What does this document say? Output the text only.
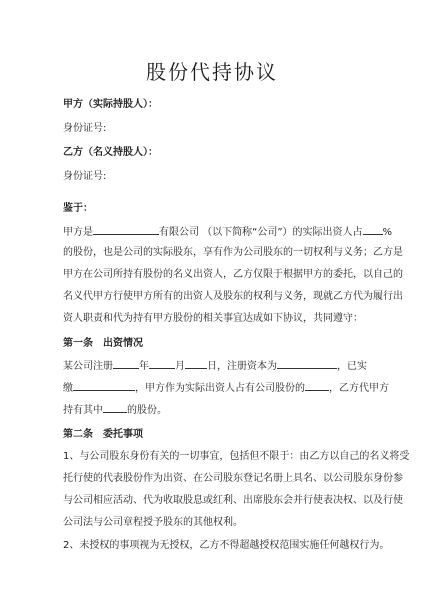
股份代持协议
甲方（实际持股人）：
身份证号:
乙方（名义持股人）：
身份证号:
鉴于：
甲方是	有限公司 （以下简称“公司”）的实际出资人占 %
的股份，也是公司的实际股东，享有作为公司股东的一切权利与义务；乙方是
甲方在公司所持有股份的名义出资人，乙方仅限于根据甲方的委托，以自己的
名义代甲方行使甲方所有的出资人及股东的权利与义务，现就乙方代为履行出
资人职责和代为持有甲方股份的相关事宜达成如下协议，共同遵守：
第一条　出资情况
某公司注册	年	月 日，注册资本为	，已实
缴	，甲方作为实际出资人占有公司股份的 ，乙方代甲方
持有其中 的股份。
第二条　委托事项
1、与公司股东身份有关的一切事宜，包括但不限于：由乙方以自己的名义将受
托行使的代表股份作为出资、在公司股东登记名册上具名、以公司股东身份参
与公司相应活动、代为收取股息或红利、出席股东会并行使表决权、以及行使
公司法与公司章程授予股东的其他权利。
2、未授权的事项视为无授权，乙方不得超越授权范围实施任何越权行为。
